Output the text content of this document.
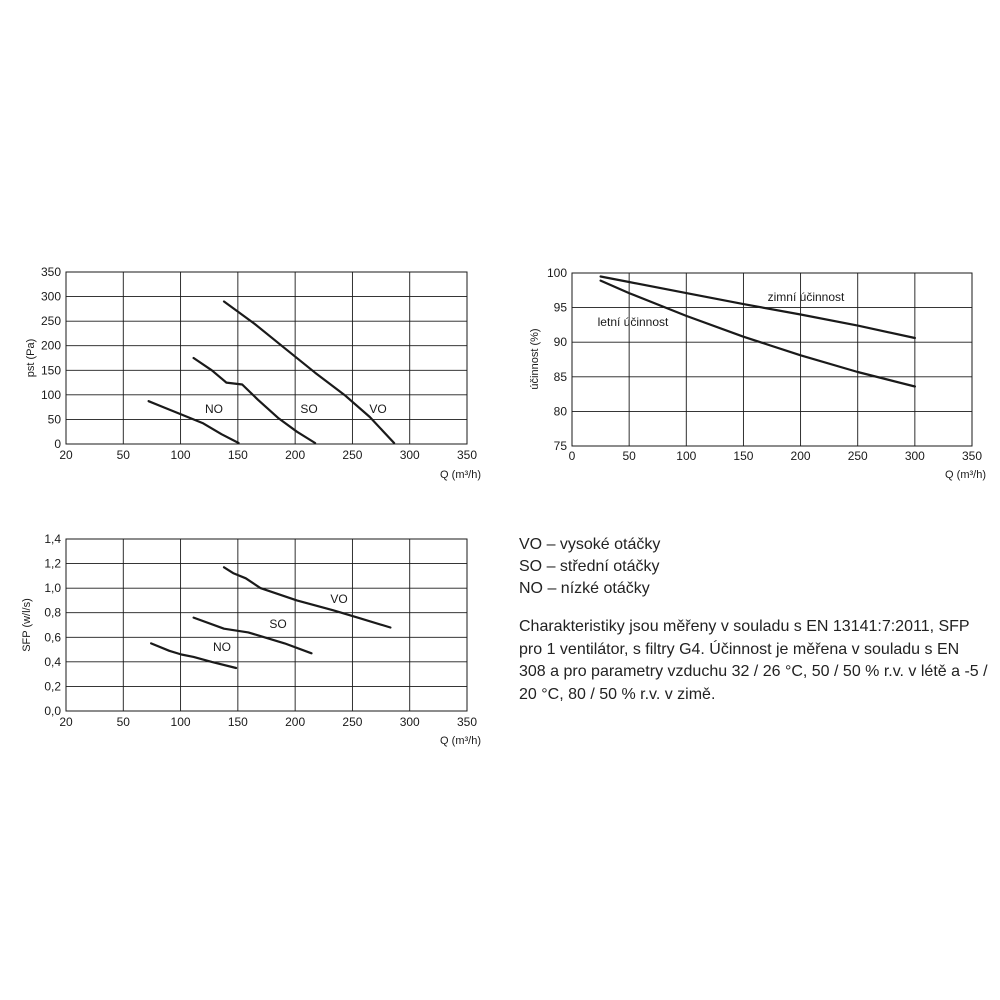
20	50	100	150	200	250	300	350
0
50
100
150
200
250
300
350
pst (Pa)
Q (m³/h)
NO	SO	VO
0	50	100	150	200	250	300	350
75
80
85
90
95
100
účinnost (%)
Q (m³/h)
zimní účinnost
letní účinnost
20	50	100	150	200	250	300	350
0,0
0,2
0,4
0,6
0,8
1,0
1,2
1,4
SFP (w/l/s)
Q (m³/h)
NO
SO
VO
VO – vysoké otáčky
SO – střední otáčky
NO – nízké otáčky

Charakteristiky jsou měřeny v souladu s EN 13141:7:2011, SFP pro 1 ventilátor, s filtry G4. Účinnost je měřena v souladu s EN 308 a pro parametry vzduchu 32 / 26 °C, 50 / 50 % r.v. v létě a -5 / 20 °C, 80 / 50 % r.v. v zimě.
